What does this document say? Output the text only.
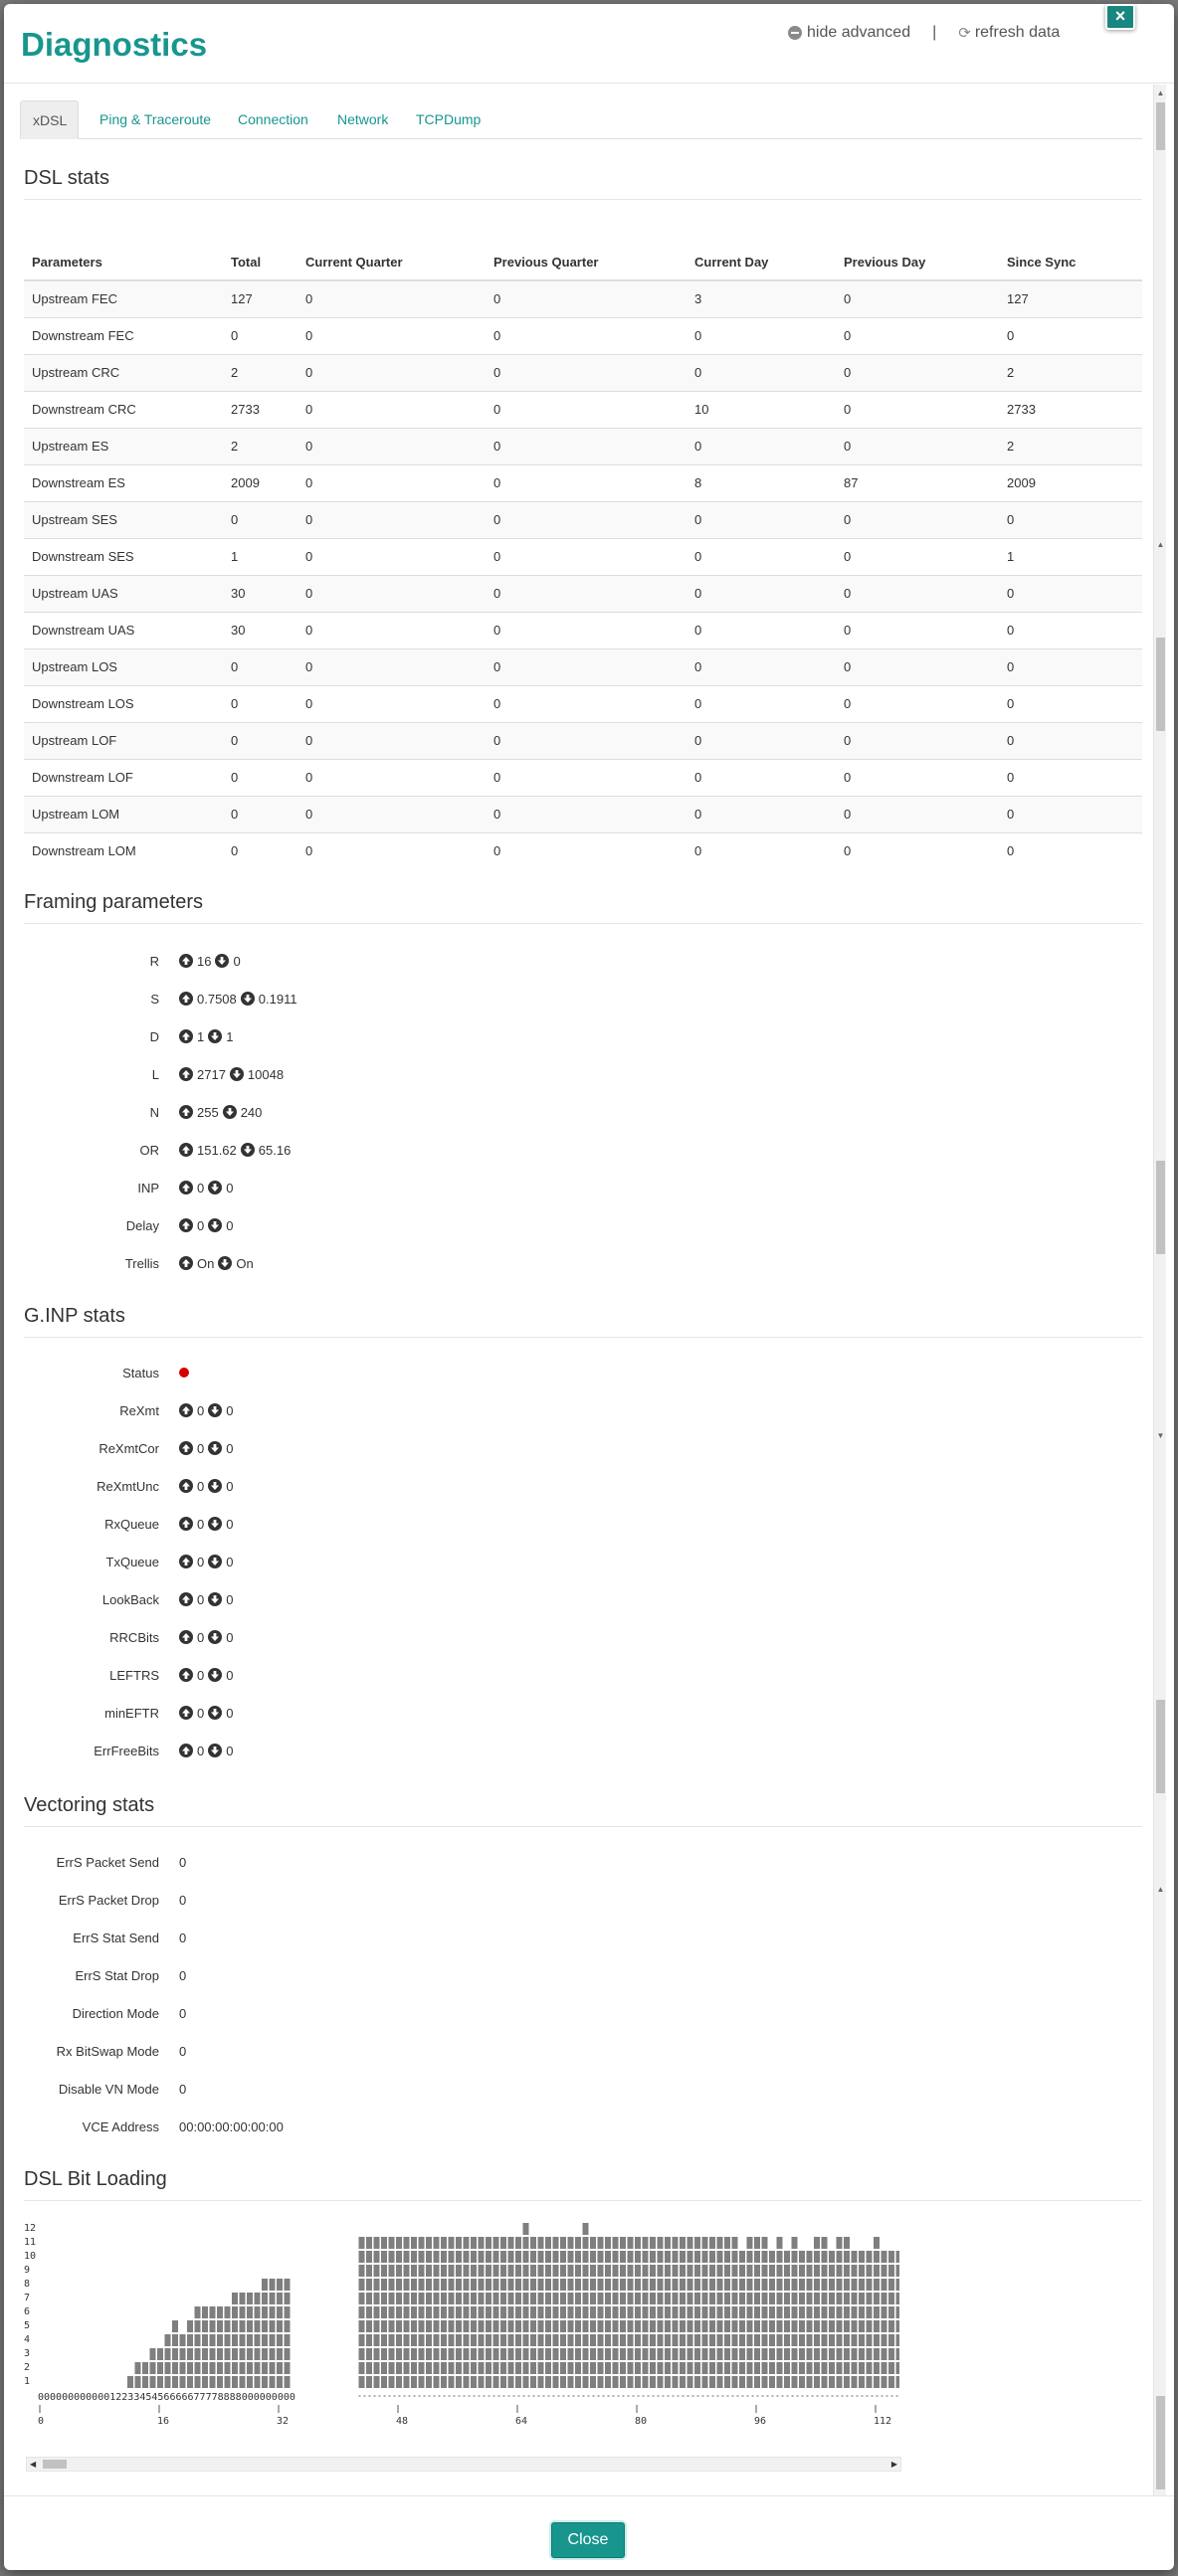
Diagnostics	hide advanced | ⟳ refresh data
×
xDSL	Ping & Traceroute	Connection	Network	TCPDump
DSL stats
Parameters	Total	Current Quarter	Previous Quarter	Current Day	Previous Day	Since Sync
Upstream FEC	127	0	0	3	0	127
Downstream FEC	0	0	0	0	0	0
Upstream CRC	2	0	0	0	0	2
Downstream CRC	2733	0	0	10	0	2733
Upstream ES	2	0	0	0	0	2
Downstream ES	2009	0	0	8	87	2009
Upstream SES	0	0	0	0	0	0
Downstream SES	1	0	0	0	0	1
Upstream UAS	30	0	0	0	0	0
Downstream UAS	30	0	0	0	0	0
Upstream LOS	0	0	0	0	0	0
Downstream LOS	0	0	0	0	0	0
Upstream LOF	0	0	0	0	0	0
Downstream LOF	0	0	0	0	0	0
Upstream LOM	0	0	0	0	0	0
Downstream LOM	0	0	0	0	0	0
Framing parameters
R	16 0
S	0.7508 0.1911
D	1 1
L	2717 10048
N	255 240
OR	151.62 65.16
INP	0 0
Delay	0 0
Trellis	On On
G.INP stats
Status
ReXmt	0 0
ReXmtCor	0 0
ReXmtUnc	0 0
RxQueue	0 0
TxQueue	0 0
LookBack	0 0
RRCBits	0 0
LEFTRS	0 0
minEFTR	0 0
ErrFreeBits	0 0
Vectoring stats
ErrS Packet Send	0
ErrS Packet Drop	0
ErrS Stat Send	0
ErrS Stat Drop	0
Direction Mode	0
Rx BitSwap Mode	0
Disable VN Mode	0
VCE Address	00:00:00:00:00:00
DSL Bit Loading
12
11
10
9
8
7
6
5
4
3
2
1
0000000000001223345456666677778888000000000
0	16	32	48	64	80	96	112
◀	▶
▲
▲
▼
▲
Close
